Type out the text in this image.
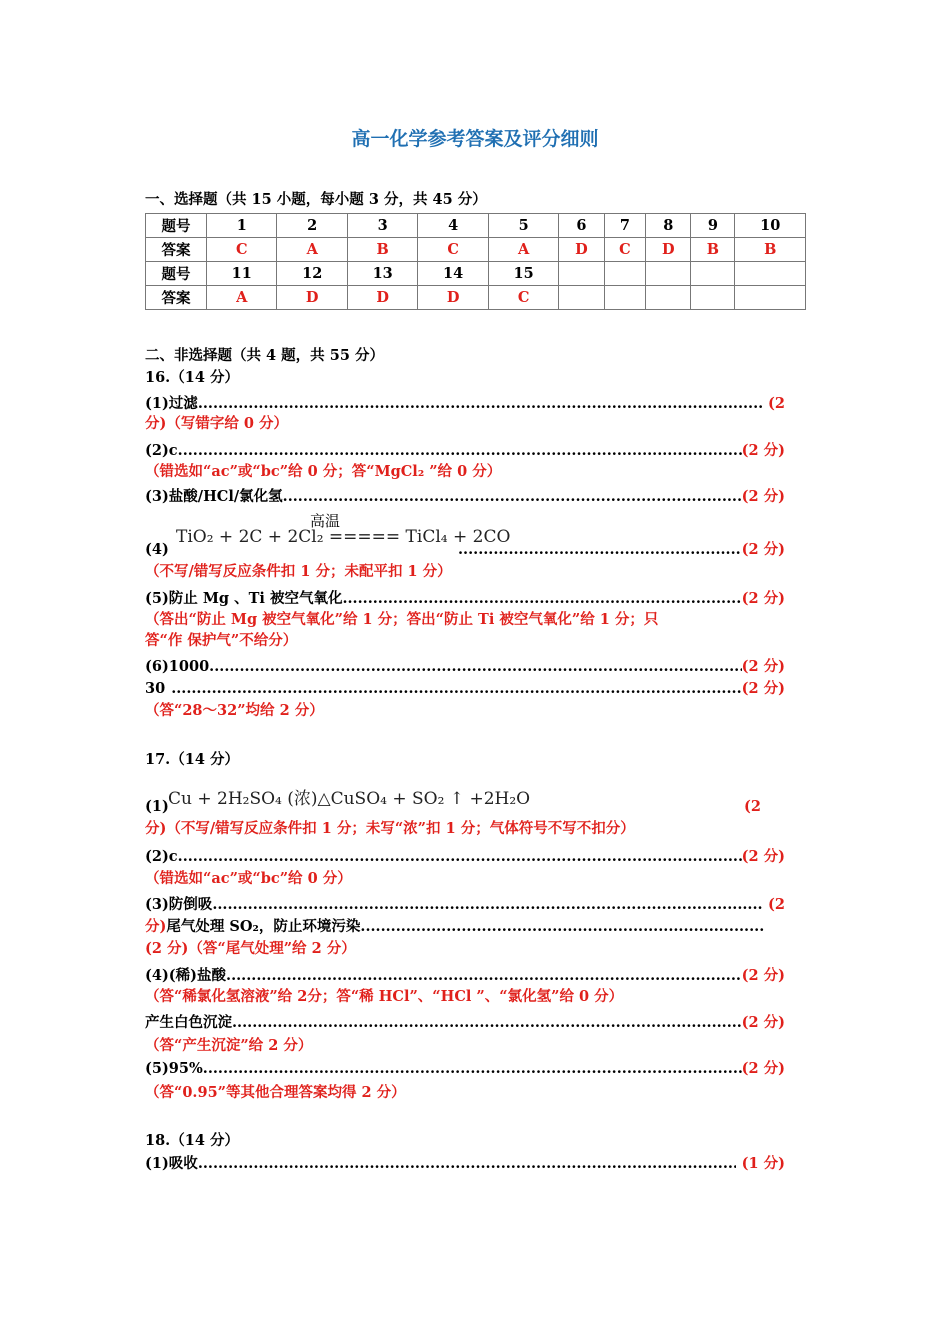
高一化学参考答案及评分细则
一、选择题（共 15 小题，每小题 3 分，共 45 分）
题号	1	2	3	4	5	6	7	8	9	10
答案	C	A	B	C	A	D	C	D	B	B
题号	11	12	13	14	15					
答案	A	D	D	D	C					
二、非选择题（共 4 题，共 55 分）
16.（14 分）
(1)过滤 .....	(2
分)（写错字给 0 分）
(2)c .....	(2 分)
（错选如“ac”或“bc”给 0 分；答“MgCl₂ ”给 0 分）
(3)盐酸/HCl/氯化氢 .....	(2 分)
高温
TiO₂ + 2C + 2Cl₂ ===== TiCl₄ + 2CO
(4) .....	(2 分)
（不写/错写反应条件扣 1 分；未配平扣 1 分）
(5)防止 Mg 、Ti 被空气氧化 .....	(2 分)
（答出“防止 Mg 被空气氧化”给 1 分；答出“防止 Ti 被空气氧化”给 1 分；只
答“作 保护气”不给分）
(6)1000 .....	(2 分)
30 .....	(2 分)
（答“28～32”均给 2 分）
17.（14 分）
Cu + 2H₂SO₄ (浓)△CuSO₄ + SO₂ ↑ +2H₂O
(1)	(2
分)（不写/错写反应条件扣 1 分；未写“浓”扣 1 分；气体符号不写不扣分）
(2)c .....	(2 分)
（错选如“ac”或“bc”给 0 分）
(3)防倒吸 .....	(2
分) 尾气处理 SO₂，防止环境污染
.....
(2 分)（答“尾气处理”给 2 分）
(4)(稀)盐酸 .....	(2 分)
（答“稀氯化氢溶液”给 2分；答“稀 HCl”、“HCl ”、“氯化氢”给 0 分）
产生白色沉淀 .....	(2 分)
（答“产生沉淀”给 2 分）
(5)95% .....	(2 分)
（答“0.95”等其他合理答案均得 2 分）
18.（14 分）
(1)吸收 .....	(1 分)
